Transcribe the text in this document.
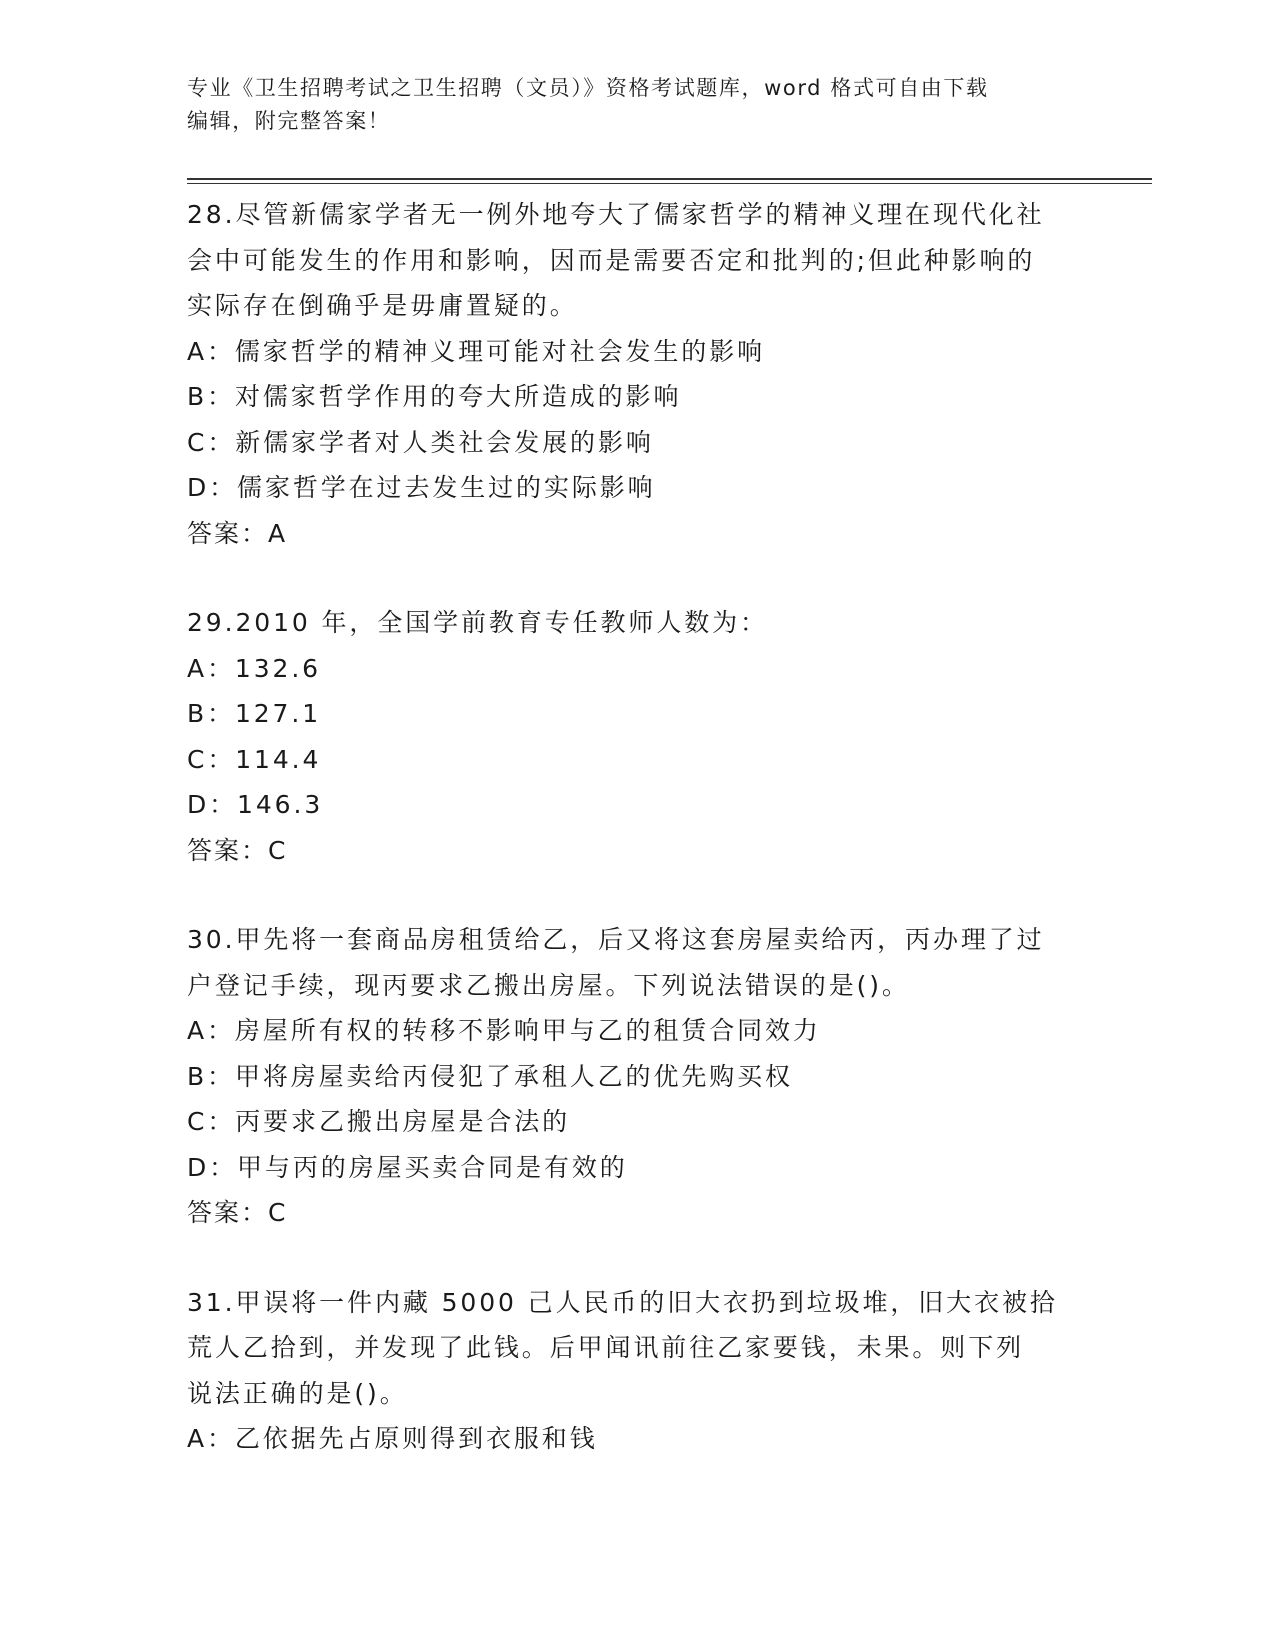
专业《卫生招聘考试之卫生招聘（文员）》资格考试题库，word 格式可自由下载
编辑，附完整答案！

28.尽管新儒家学者无一例外地夸大了儒家哲学的精神义理在现代化社

会中可能发生的作用和影响，因而是需要否定和批判的;但此种影响的

实际存在倒确乎是毋庸置疑的。

A：儒家哲学的精神义理可能对社会发生的影响

B：对儒家哲学作用的夸大所造成的影响

C：新儒家学者对人类社会发展的影响

D：儒家哲学在过去发生过的实际影响

答案：A

29.2010 年，全国学前教育专任教师人数为：

A：132.6

B：127.1

C：114.4

D：146.3

答案：C

30.甲先将一套商品房租赁给乙，后又将这套房屋卖给丙，丙办理了过

户登记手续，现丙要求乙搬出房屋。下列说法错误的是()。

A：房屋所有权的转移不影响甲与乙的租赁合同效力

B：甲将房屋卖给丙侵犯了承租人乙的优先购买权

C：丙要求乙搬出房屋是合法的

D：甲与丙的房屋买卖合同是有效的

答案：C

31.甲误将一件内藏 5000 己人民币的旧大衣扔到垃圾堆，旧大衣被拾

荒人乙拾到，并发现了此钱。后甲闻讯前往乙家要钱，未果。则下列

说法正确的是()。

A：乙依据先占原则得到衣服和钱
